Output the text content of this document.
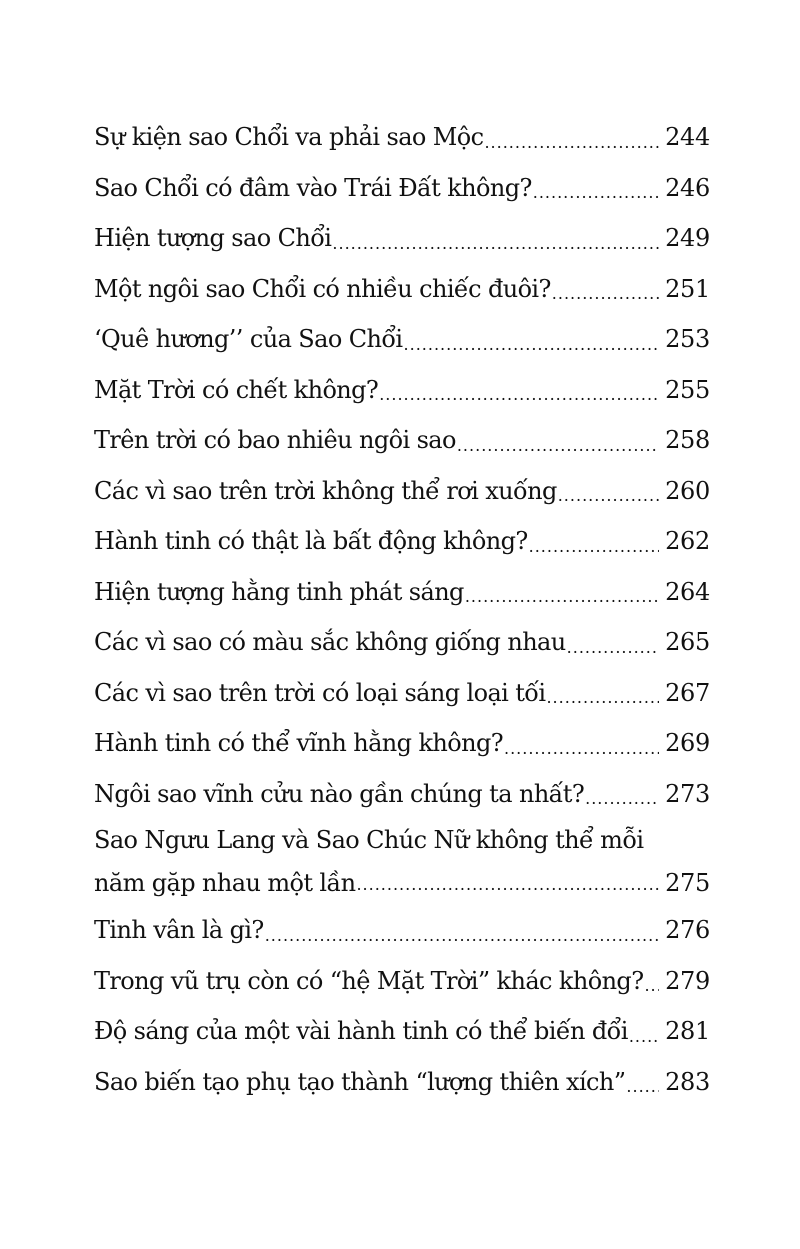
Sự kiện sao Chổi va phải sao Mộc .....	244
Sao Chổi có đâm vào Trái Đất không? .....	246
Hiện tượng sao Chổi .....	249
Một ngôi sao Chổi có nhiều chiếc đuôi? .....	251
‘Quê hương’’ của Sao Chổi .....	253
Mặt Trời có chết không? .....	255
Trên trời có bao nhiêu ngôi sao .....	258
Các vì sao trên trời không thể rơi xuống .....	260
Hành tinh có thật là bất động không? .....	262
Hiện tượng hằng tinh phát sáng .....	264
Các vì sao có màu sắc không giống nhau .....	265
Các vì sao trên trời có loại sáng loại tối .....	267
Hành tinh có thể vĩnh hằng không? .....	269
Ngôi sao vĩnh cửu nào gần chúng ta nhất? .....	273
Sao Ngưu Lang và Sao Chúc Nữ không thể mỗi
năm gặp nhau một lần .....	275
Tinh vân là gì? .....	276
Trong vũ trụ còn có “hệ Mặt Trời” khác không? ..... 279
Độ sáng của một vài hành tinh có thể biến đổi ..... 281
Sao biến tạo phụ tạo thành “lượng thiên xích” ..... 283
